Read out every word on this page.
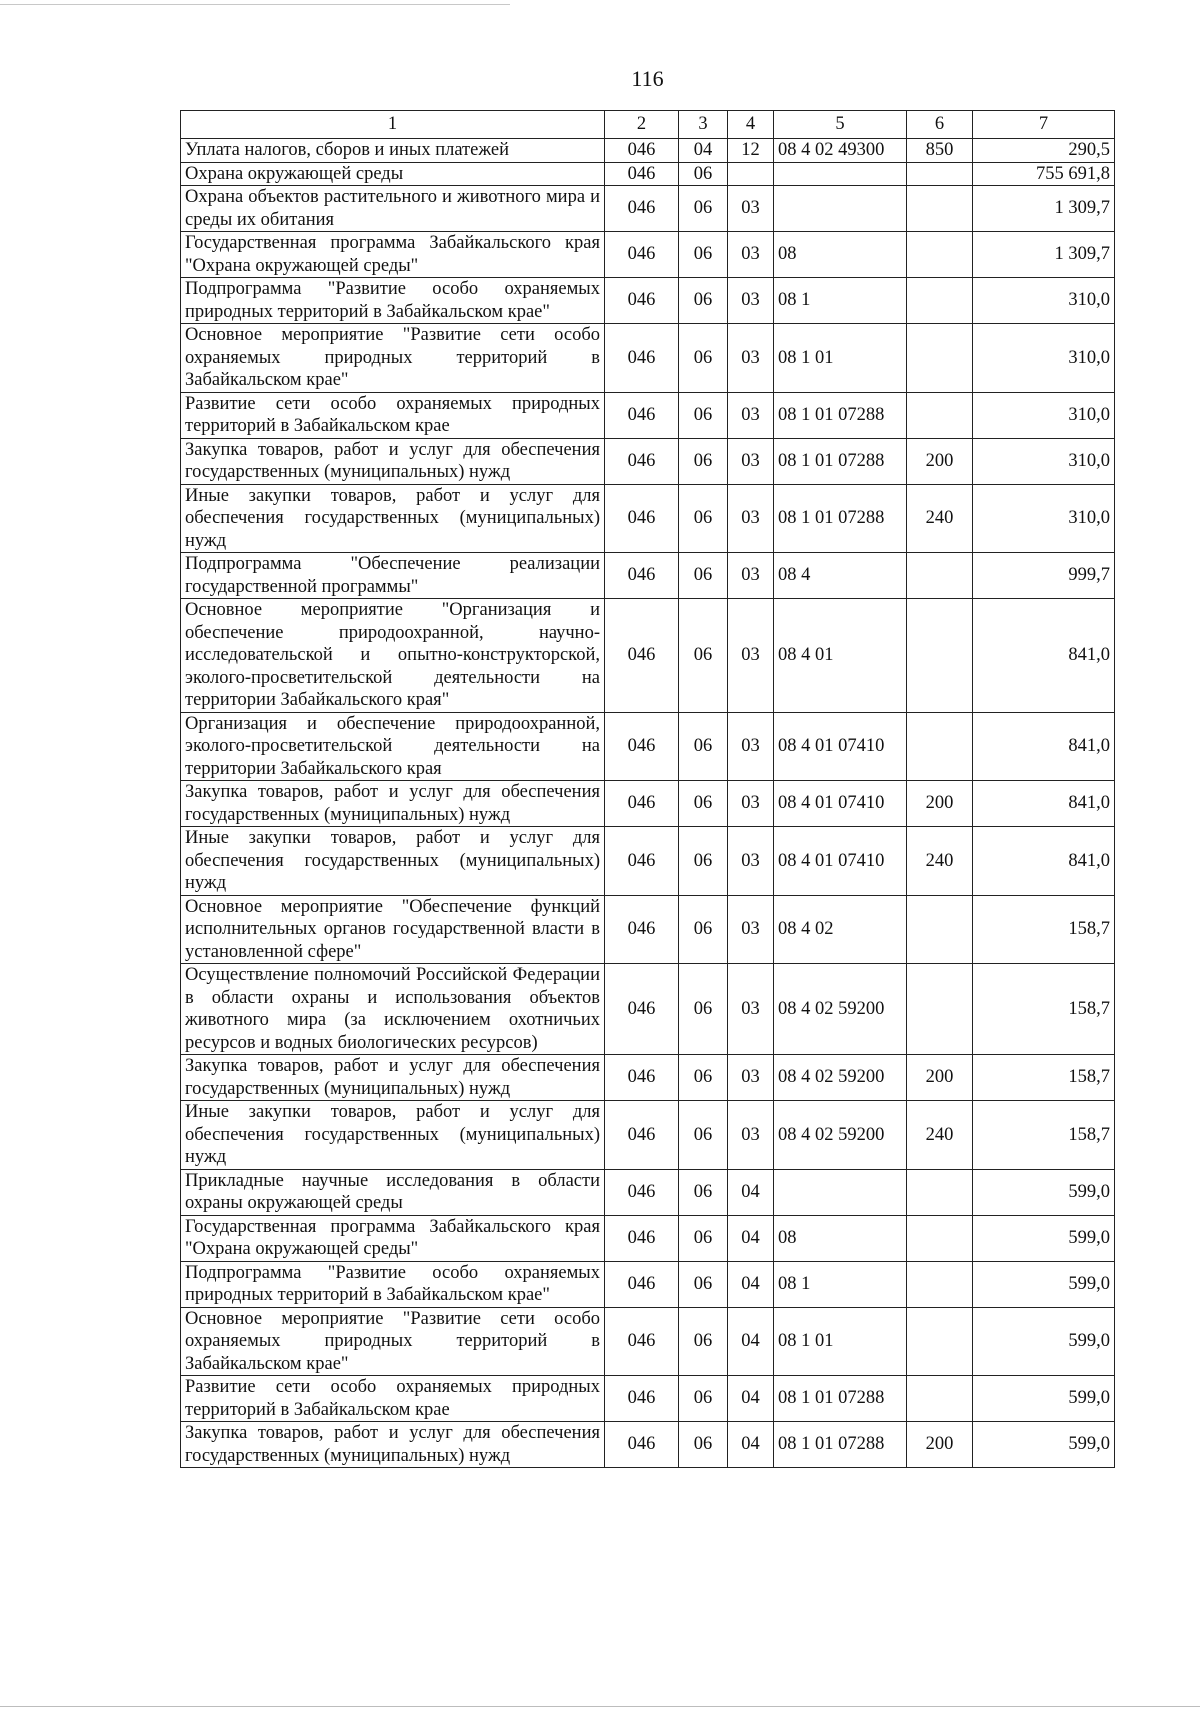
116
1	2	3	4	5	6	7
Уплата налогов, сборов и иных платежей	046	04	12	08 4 02 49300	850	290,5
Охрана окружающей среды	046	06				755 691,8
Охрана объектов растительного и животного мира и среды их обитания	046	06	03			1 309,7
Государственная программа Забайкальского края "Охрана окружающей среды"	046	06	03	08		1 309,7
Подпрограмма "Развитие особо охраняемых природных территорий в Забайкальском крае"	046	06	03	08 1		310,0
Основное мероприятие "Развитие сети особо охраняемых природных территорий в Забайкальском крае"	046	06	03	08 1 01		310,0
Развитие сети особо охраняемых природных территорий в Забайкальском крае	046	06	03	08 1 01 07288		310,0
Закупка товаров, работ и услуг для обеспечения государственных (муниципальных) нужд	046	06	03	08 1 01 07288	200	310,0
Иные закупки товаров, работ и услуг для обеспечения государственных (муниципальных) нужд	046	06	03	08 1 01 07288	240	310,0
Подпрограмма "Обеспечение реализации государственной программы"	046	06	03	08 4		999,7
Основное мероприятие "Организация и обеспечение природоохранной, научно-исследовательской и опытно-конструкторской, эколого-просветительской деятельности на территории Забайкальского края"	046	06	03	08 4 01		841,0
Организация и обеспечение природоохранной, эколого-просветительской деятельности на территории Забайкальского края	046	06	03	08 4 01 07410		841,0
Закупка товаров, работ и услуг для обеспечения государственных (муниципальных) нужд	046	06	03	08 4 01 07410	200	841,0
Иные закупки товаров, работ и услуг для обеспечения государственных (муниципальных) нужд	046	06	03	08 4 01 07410	240	841,0
Основное мероприятие "Обеспечение функций исполнительных органов государственной власти в установленной сфере"	046	06	03	08 4 02		158,7
Осуществление полномочий Российской Федерации в области охраны и использования объектов животного мира (за исключением охотничьих ресурсов и водных биологических ресурсов)	046	06	03	08 4 02 59200		158,7
Закупка товаров, работ и услуг для обеспечения государственных (муниципальных) нужд	046	06	03	08 4 02 59200	200	158,7
Иные закупки товаров, работ и услуг для обеспечения государственных (муниципальных) нужд	046	06	03	08 4 02 59200	240	158,7
Прикладные научные исследования в области охраны окружающей среды	046	06	04			599,0
Государственная программа Забайкальского края "Охрана окружающей среды"	046	06	04	08		599,0
Подпрограмма "Развитие особо охраняемых природных территорий в Забайкальском крае"	046	06	04	08 1		599,0
Основное мероприятие "Развитие сети особо охраняемых природных территорий в Забайкальском крае"	046	06	04	08 1 01		599,0
Развитие сети особо охраняемых природных территорий в Забайкальском крае	046	06	04	08 1 01 07288		599,0
Закупка товаров, работ и услуг для обеспечения государственных (муниципальных) нужд	046	06	04	08 1 01 07288	200	599,0
